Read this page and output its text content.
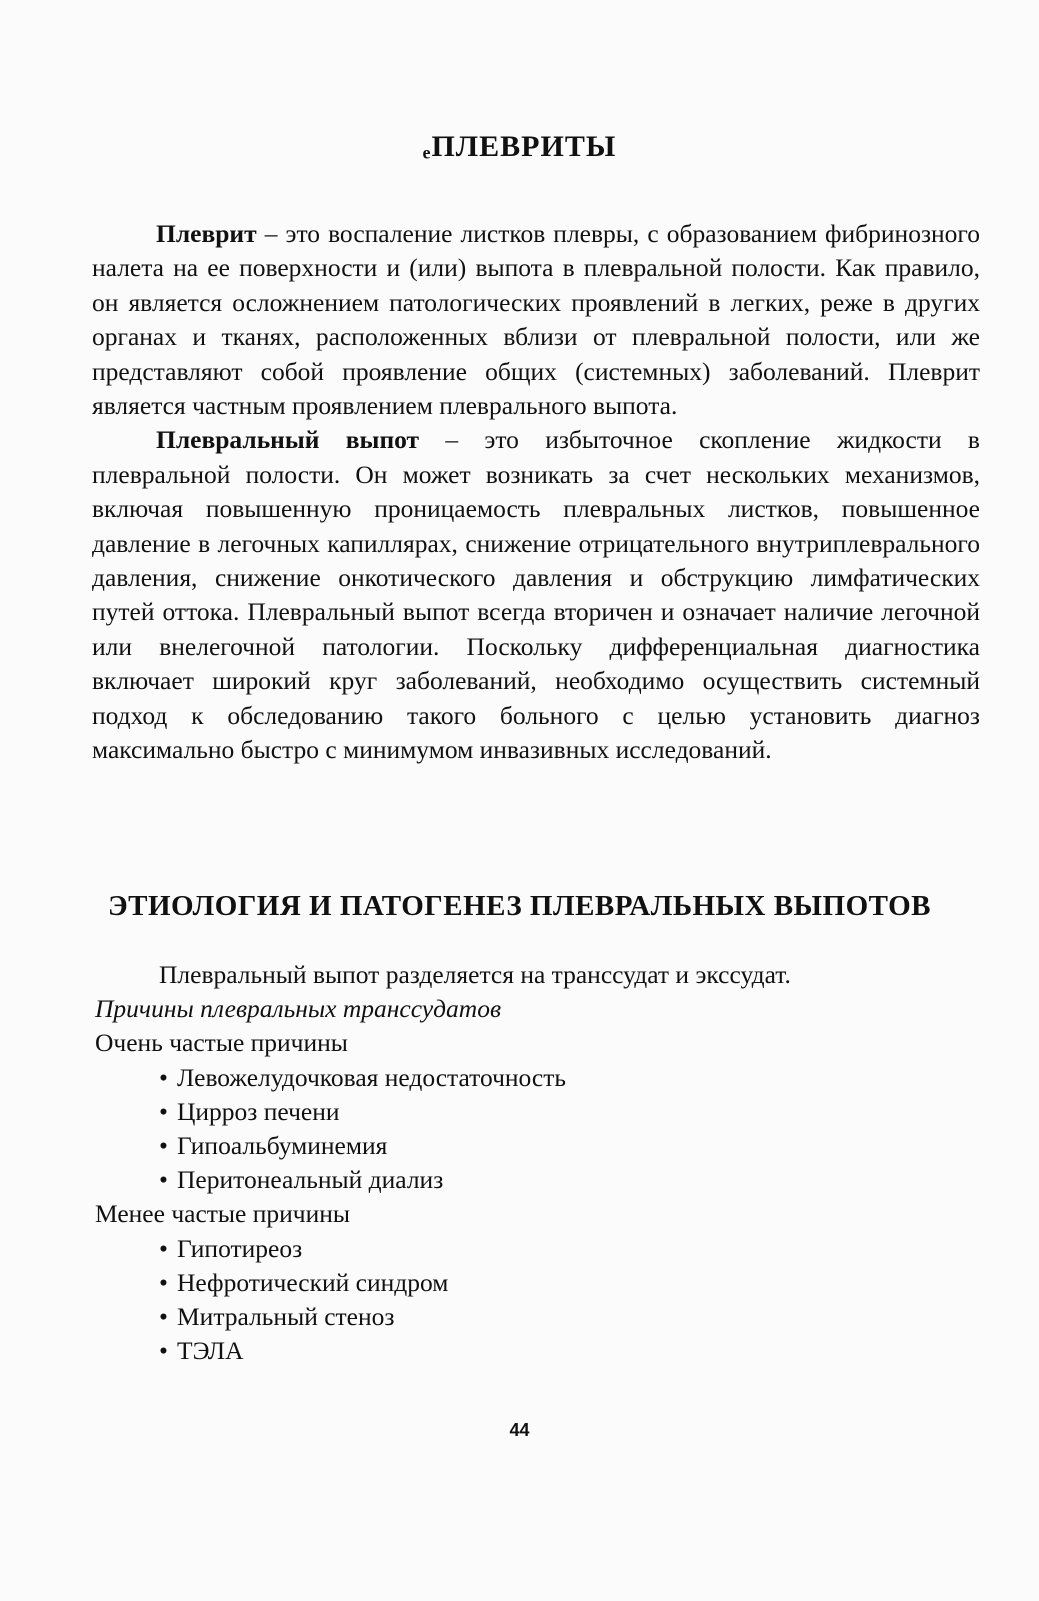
ₑПЛЕВРИТЫ

Плеврит – это воспаление листков плевры, с образованием фибринозного налета на ее поверхности и (или) выпота в плевральной полости. Как правило, он является осложнением патологических проявлений в легких, реже в других органах и тканях, расположенных вблизи от плевральной полости, или же представляют собой проявление общих (системных) заболеваний. Плеврит является частным проявлением плеврального выпота.

Плевральный выпот – это избыточное скопление жидкости в плевральной полости. Он может возникать за счет нескольких механизмов, включая повышенную проницаемость плевральных листков, повышенное давление в легочных капиллярах, снижение отрицательного внутриплеврального давления, снижение онкотического давления и обструкцию лимфатических путей оттока. Плевральный выпот всегда вторичен и означает наличие легочной или внелегочной патологии. Поскольку дифференциальная диагностика включает широкий круг заболеваний, необходимо осуществить системный подход к обследованию такого больного с целью установить диагноз максимально быстро с минимумом инвазивных исследований.

ЭТИОЛОГИЯ И ПАТОГЕНЕЗ ПЛЕВРАЛЬНЫХ ВЫПОТОВ

Плевральный выпот разделяется на транссудат и экссудат.

Причины плевральных транссудатов

Очень частые причины

• Левожелудочковая недостаточность
• Цирроз печени
• Гипоальбуминемия
• Перитонеальный диализ

Менее частые причины

• Гипотиреоз
• Нефротический синдром
• Митральный стеноз
• ТЭЛА
44
